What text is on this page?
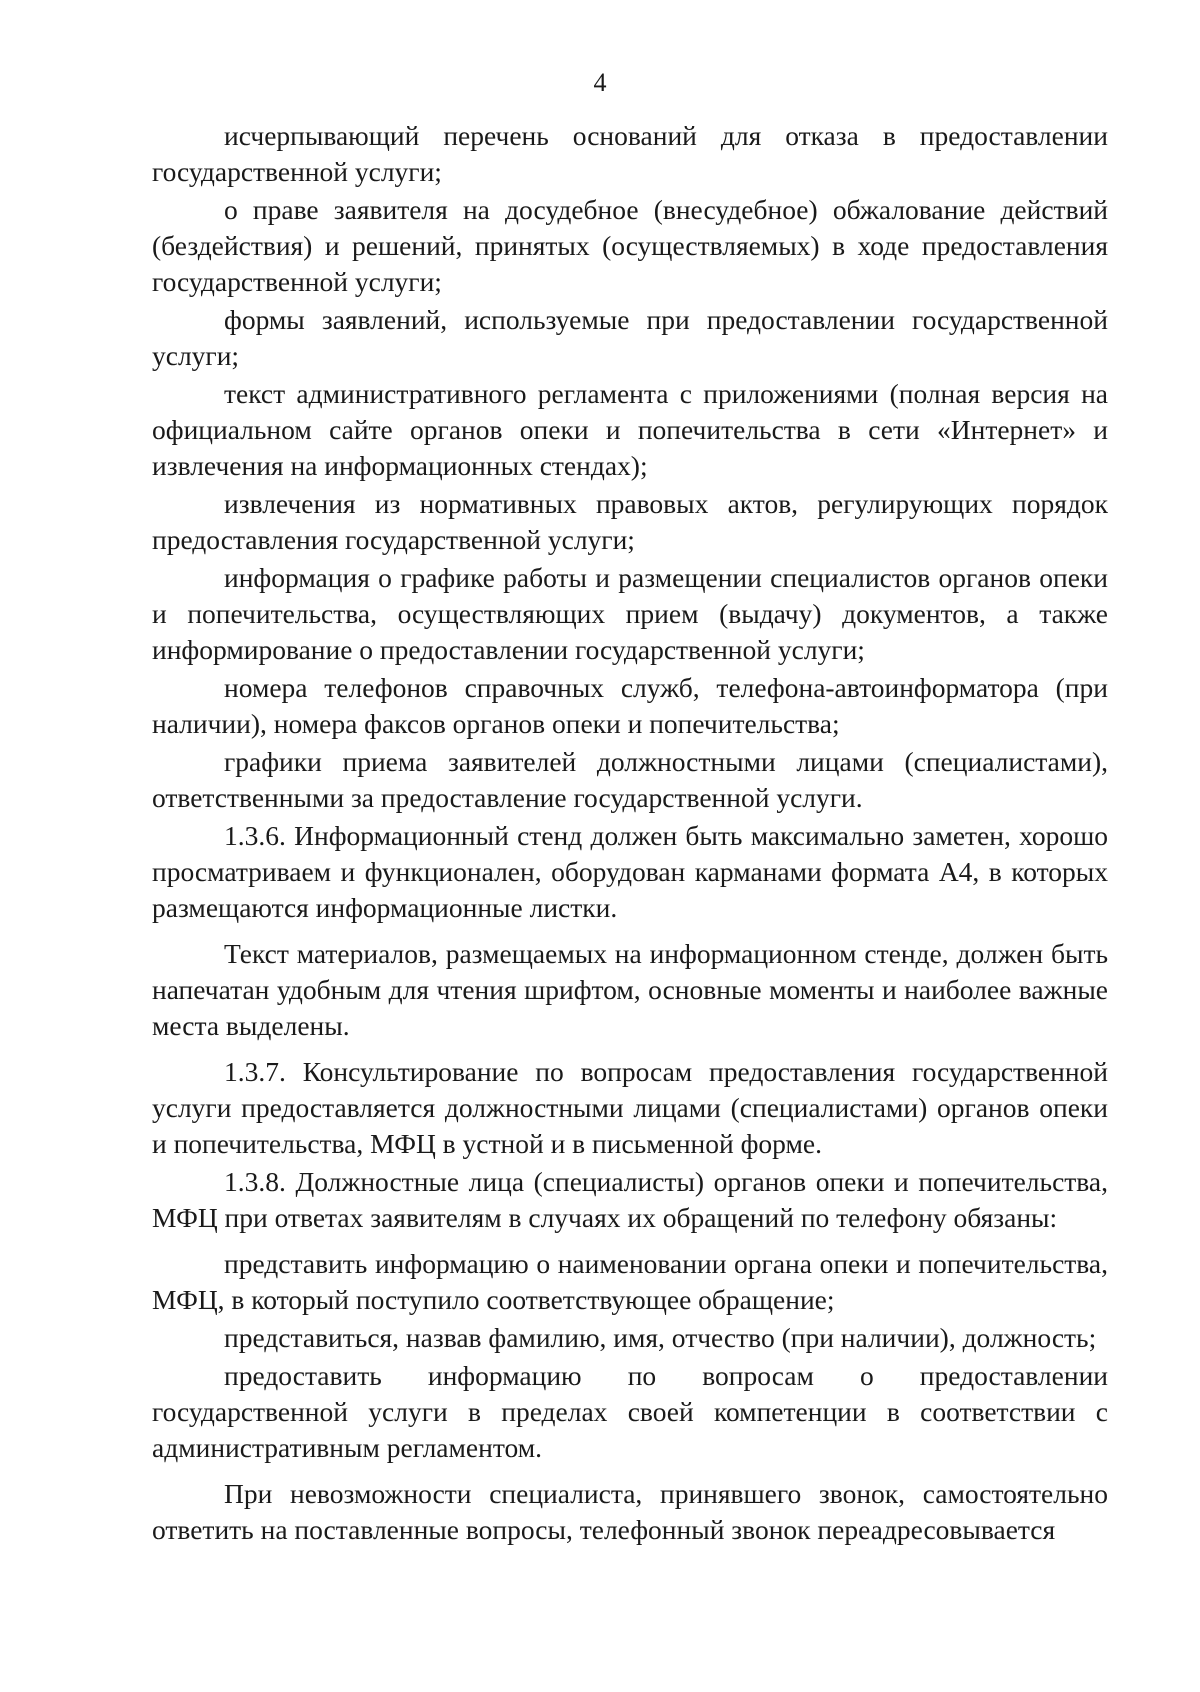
4

исчерпывающий перечень оснований для отказа в предоставлении государственной услуги;

о праве заявителя на досудебное (внесудебное) обжалование действий (бездействия) и решений, принятых (осуществляемых) в ходе предоставления государственной услуги;

формы заявлений, используемые при предоставлении государственной услуги;

текст административного регламента с приложениями (полная версия на официальном сайте органов опеки и попечительства в сети «Интернет» и извлечения на информационных стендах);

извлечения из нормативных правовых актов, регулирующих порядок предоставления государственной услуги;

информация о графике работы и размещении специалистов органов опеки и попечительства, осуществляющих прием (выдачу) документов, а также информирование о предоставлении государственной услуги;

номера телефонов справочных служб, телефона-автоинформатора (при наличии), номера факсов органов опеки и попечительства;

графики приема заявителей должностными лицами (специалистами), ответственными за предоставление государственной услуги.

1.3.6. Информационный стенд должен быть максимально заметен, хорошо просматриваем и функционален, оборудован карманами формата А4, в которых размещаются информационные листки.

Текст материалов, размещаемых на информационном стенде, должен быть напечатан удобным для чтения шрифтом, основные моменты и наиболее важные места выделены.

1.3.7. Консультирование по вопросам предоставления государственной услуги предоставляется должностными лицами (специалистами) органов опеки и попечительства, МФЦ в устной и в письменной форме.

1.3.8. Должностные лица (специалисты) органов опеки и попечительства, МФЦ при ответах заявителям в случаях их обращений по телефону обязаны:

представить информацию о наименовании органа опеки и попечительства, МФЦ, в который поступило соответствующее обращение;

представиться, назвав фамилию, имя, отчество (при наличии), должность;

предоставить информацию по вопросам о предоставлении государственной услуги в пределах своей компетенции в соответствии с административным регламентом.

При невозможности специалиста, принявшего звонок, самостоятельно ответить на поставленные вопросы, телефонный звонок переадресовывается
